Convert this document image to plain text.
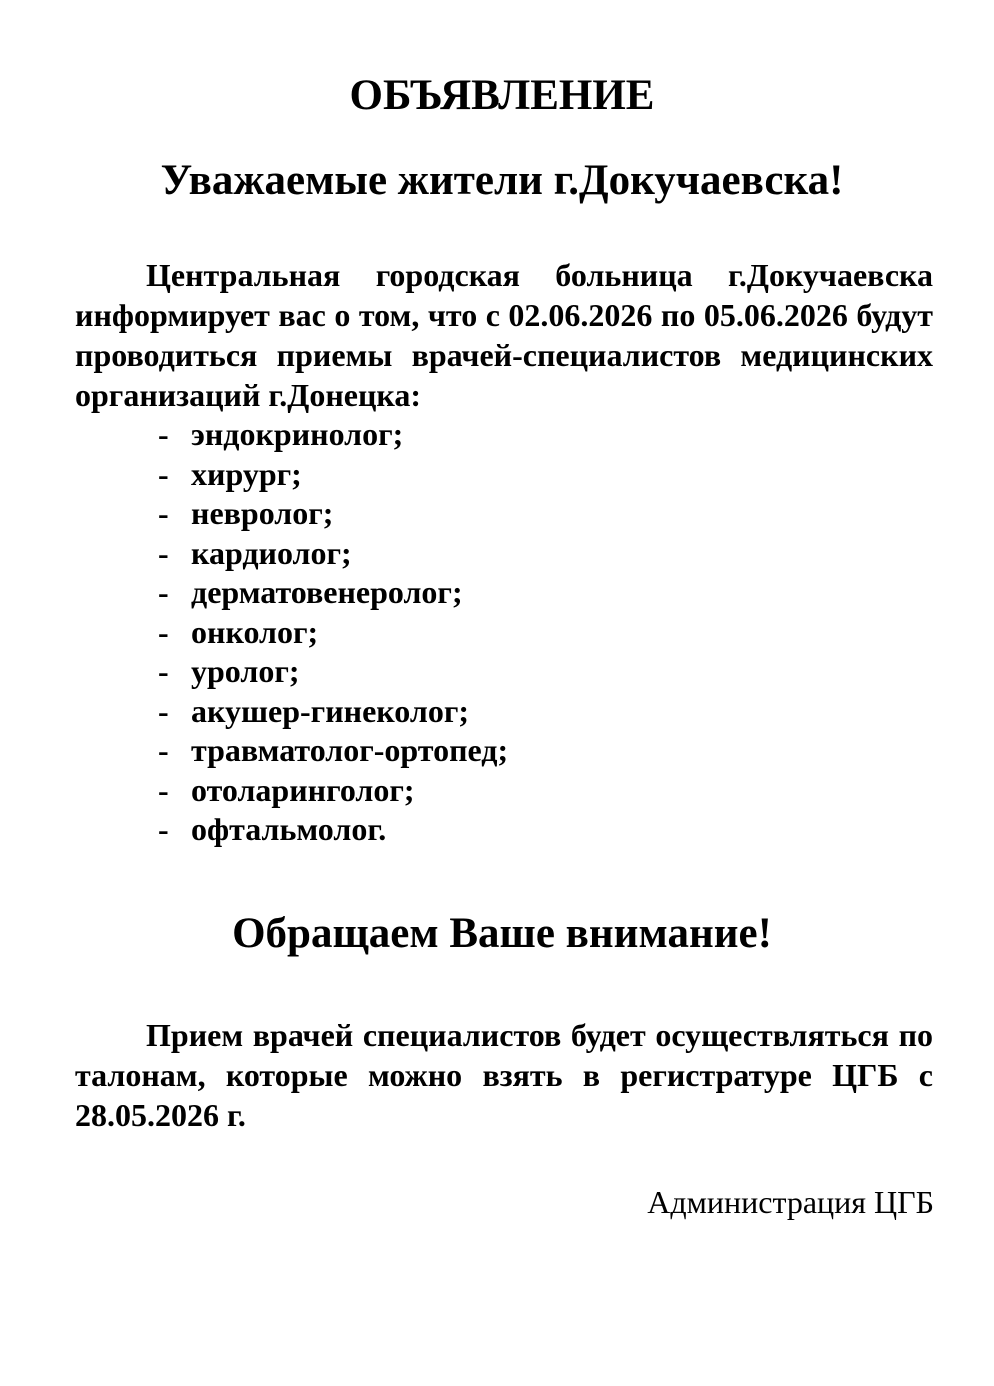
ОБЪЯВЛЕНИЕ
Уважаемые жители г.Докучаевска!

Центральная городская больница г.Докучаевска информирует вас о том, что с 02.06.2026 по 05.06.2026 будут проводиться приемы врачей-специалистов медицинских организаций г.Донецка:

- эндокринолог;
- хирург;
- невролог;
- кардиолог;
- дерматовенеролог;
- онколог;
- уролог;
- акушер-гинеколог;
- травматолог-ортопед;
- отоларинголог;
- офтальмолог.
Обращаем Ваше внимание!

Прием врачей специалистов будет осуществляться по талонам, которые можно взять в регистратуре ЦГБ с 28.05.2026 г.

Администрация ЦГБ
